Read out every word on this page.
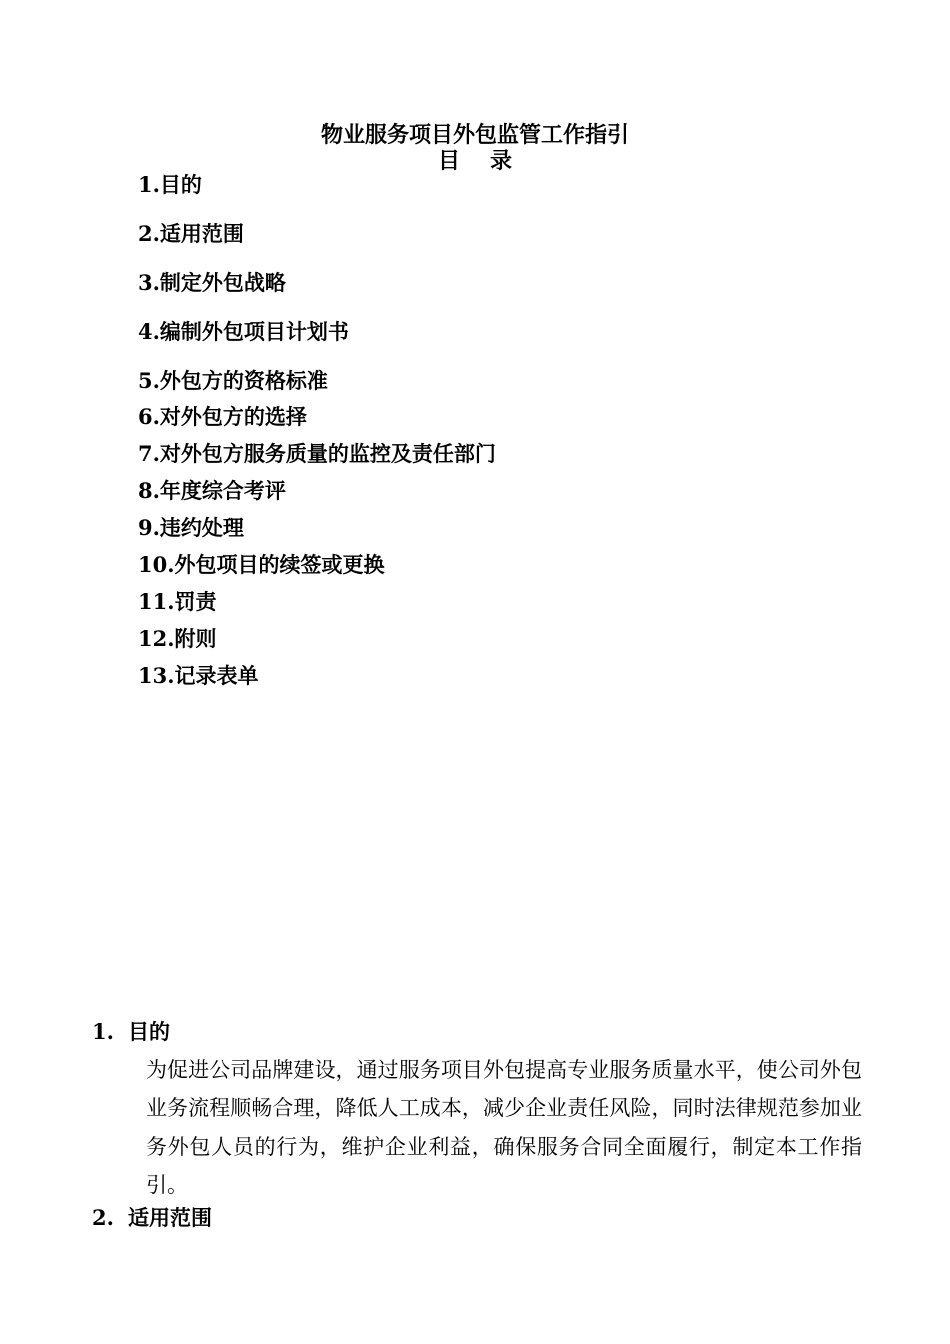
物业服务项目外包监管工作指引
目录
1.目的
2.适用范围
3.制定外包战略
4.编制外包项目计划书
5.外包方的资格标准
6.对外包方的选择
7.对外包方服务质量的监控及责任部门
8.年度综合考评
9.违约处理
10.外包项目的续签或更换
11.罚责
12.附则
13.记录表单
1. 目的
为促进公司品牌建设，通过服务项目外包提高专业服务质量水平，使公司外包业务流程顺畅合理，降低人工成本，减少企业责任风险，同时法律规范参加业务外包人员的行为，维护企业利益，确保服务合同全面履行，制定本工作指引。
2. 适用范围
